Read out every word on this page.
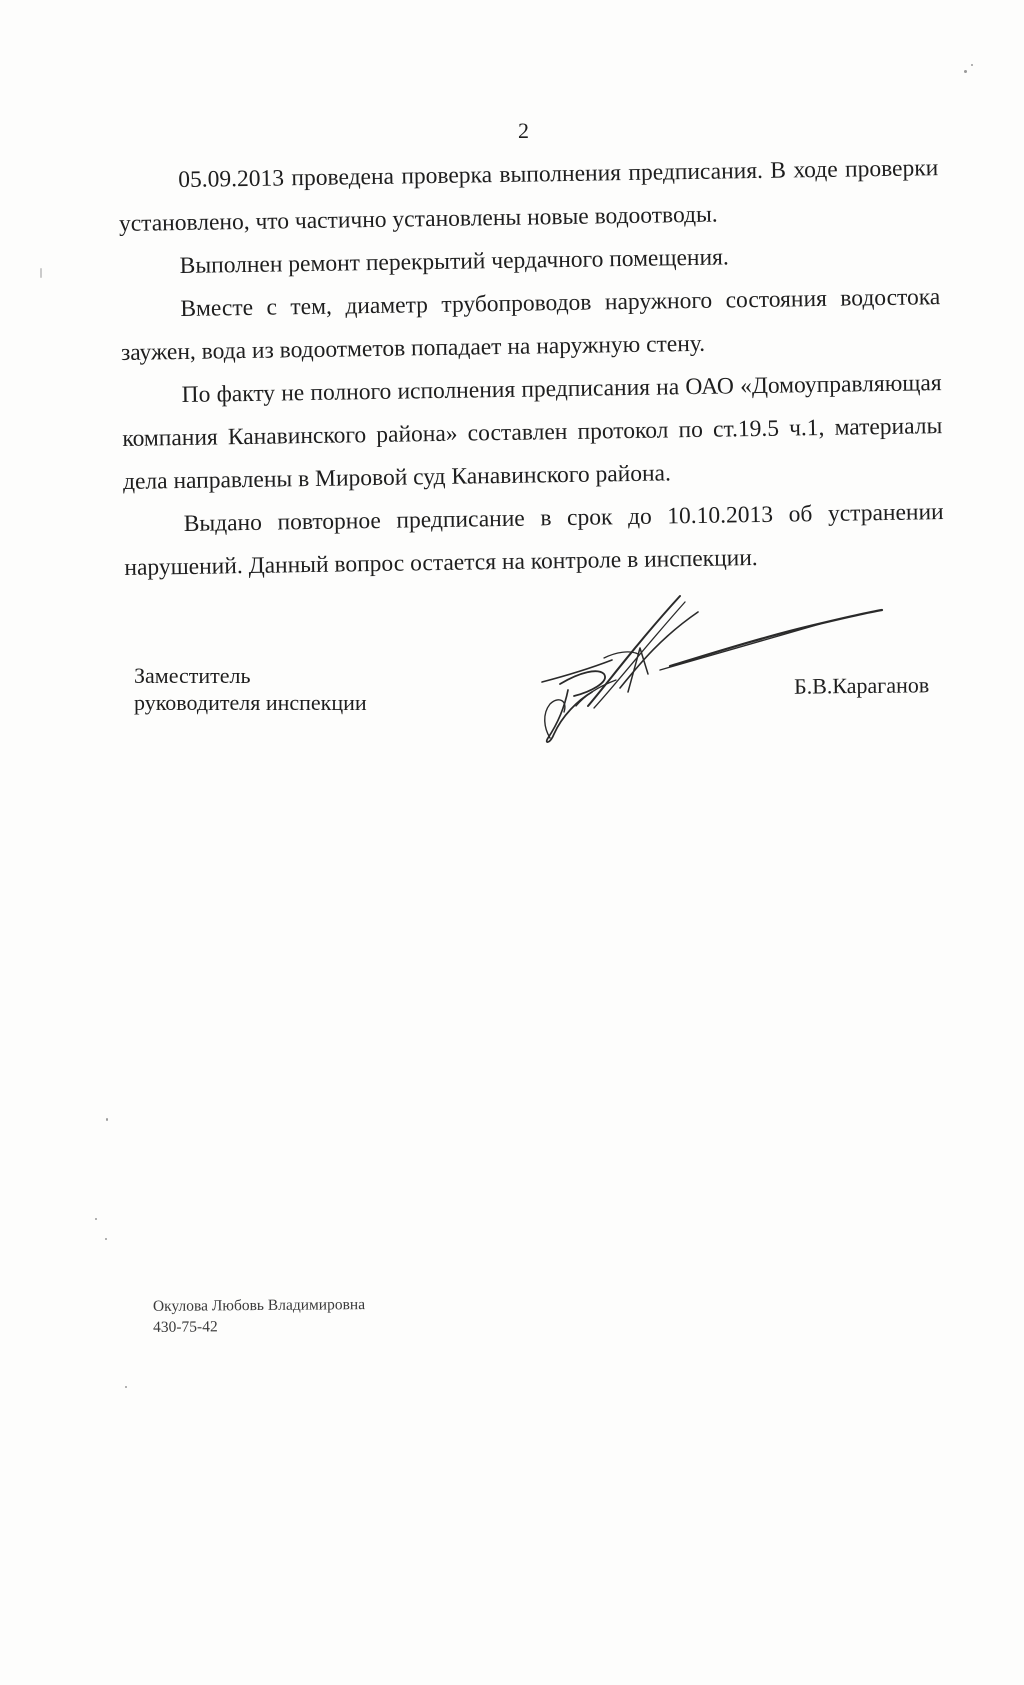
2

05.09.2013 проведена проверка выполнения предписания. В ходе проверки установлено, что частично установлены новые водоотводы.

Выполнен ремонт перекрытий чердачного помещения.

Вместе с тем, диаметр трубопроводов наружного состояния водостока заужен, вода из водоотметов попадает на наружную стену.

По факту не полного исполнения предписания на ОАО «Домоуправляющая компания Канавинского района» составлен протокол по ст.19.5 ч.1, материалы дела направлены в Мировой суд Канавинского района.

Выдано повторное предписание в срок до 10.10.2013 об устранении нарушений. Данный вопрос остается на контроле в инспекции.

Заместитель
руководителя инспекции

Б.В.Караганов

Окулова Любовь Владимировна
430-75-42
